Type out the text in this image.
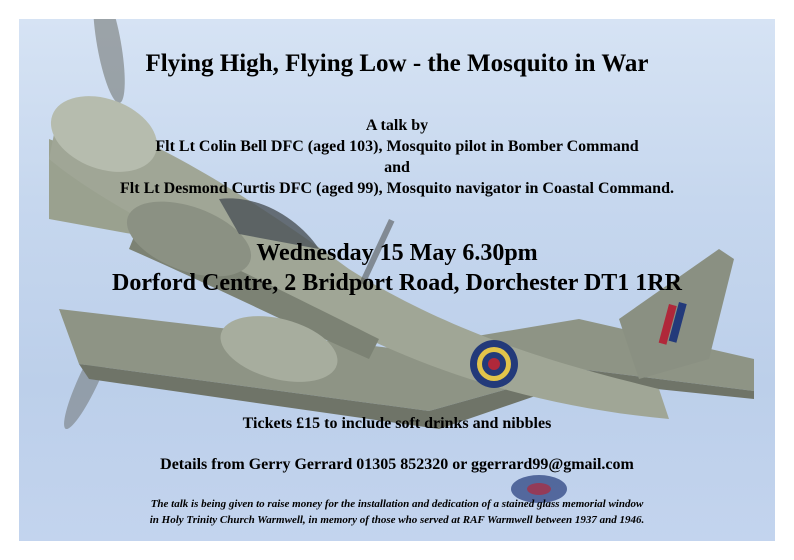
Flying High, Flying Low - the Mosquito in War
A talk by
Flt Lt Colin Bell DFC (aged 103), Mosquito pilot in Bomber Command
and
Flt Lt Desmond Curtis DFC (aged 99), Mosquito navigator in Coastal Command.
Wednesday 15 May 6.30pm
Dorford Centre, 2 Bridport Road, Dorchester DT1 1RR
Tickets £15 to include soft drinks and nibbles
Details from Gerry Gerrard 01305 852320 or ggerrard99@gmail.com
The talk is being given to raise money for the installation and dedication of a stained glass memorial window
in Holy Trinity Church Warmwell, in memory of those who served at RAF Warmwell between 1937 and 1946.
